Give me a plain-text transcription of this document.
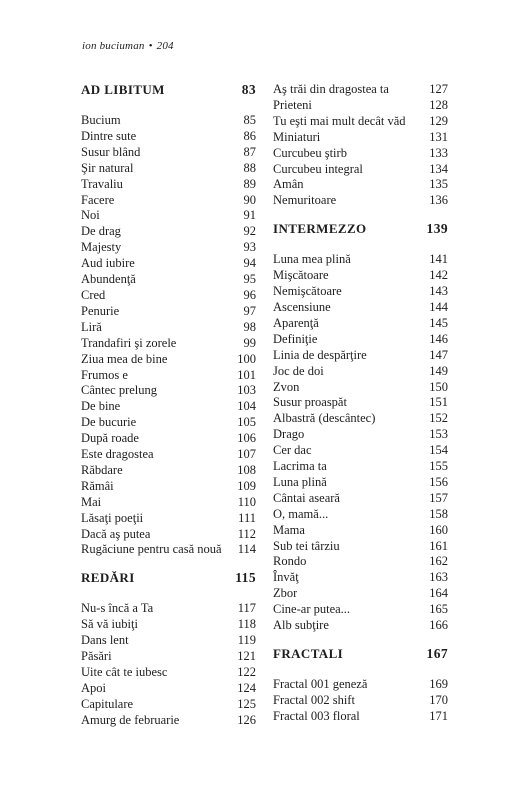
ion buciuman • 204
AD LIBITUM	83
Bucium	85
Dintre sute	86
Susur blând	87
Şir natural	88
Travaliu	89
Facere	90
Noi	91
De drag	92
Majesty	93
Aud iubire	94
Abundenţă	95
Cred	96
Penurie	97
Liră	98
Trandafiri şi zorele	99
Ziua mea de bine	100
Frumos e	101
Cântec prelung	103
De bine	104
De bucurie	105
După roade	106
Este dragostea	107
Răbdare	108
Rămâi	109
Mai	110
Lăsaţi poeţii	111
Dacă aş putea	112
Rugăciune pentru casă nouă	114
REDĂRI	115
Nu-s încă a Ta	117
Să vă iubiţi	118
Dans lent	119
Păsări	121
Uite cât te iubesc	122
Apoi	124
Capitulare	125
Amurg de februarie	126
Aş trăi din dragostea ta	127
Prieteni	128
Tu eşti mai mult decât văd	129
Miniaturi	131
Curcubeu ştirb	133
Curcubeu integral	134
Amân	135
Nemuritoare	136
INTERMEZZO	139
Luna mea plină	141
Mişcătoare	142
Nemişcătoare	143
Ascensiune	144
Aparenţă	145
Definiţie	146
Linia de despărţire	147
Joc de doi	149
Zvon	150
Susur proaspăt	151
Albastră (descântec)	152
Drago	153
Cer dac	154
Lacrima ta	155
Luna plină	156
Cântai aseară	157
O, mamă...	158
Mama	160
Sub tei târziu	161
Rondo	162
Învăţ	163
Zbor	164
Cine-ar putea...	165
Alb subţire	166
FRACTALI	167
Fractal 001 geneză	169
Fractal 002 shift	170
Fractal 003 floral	171
